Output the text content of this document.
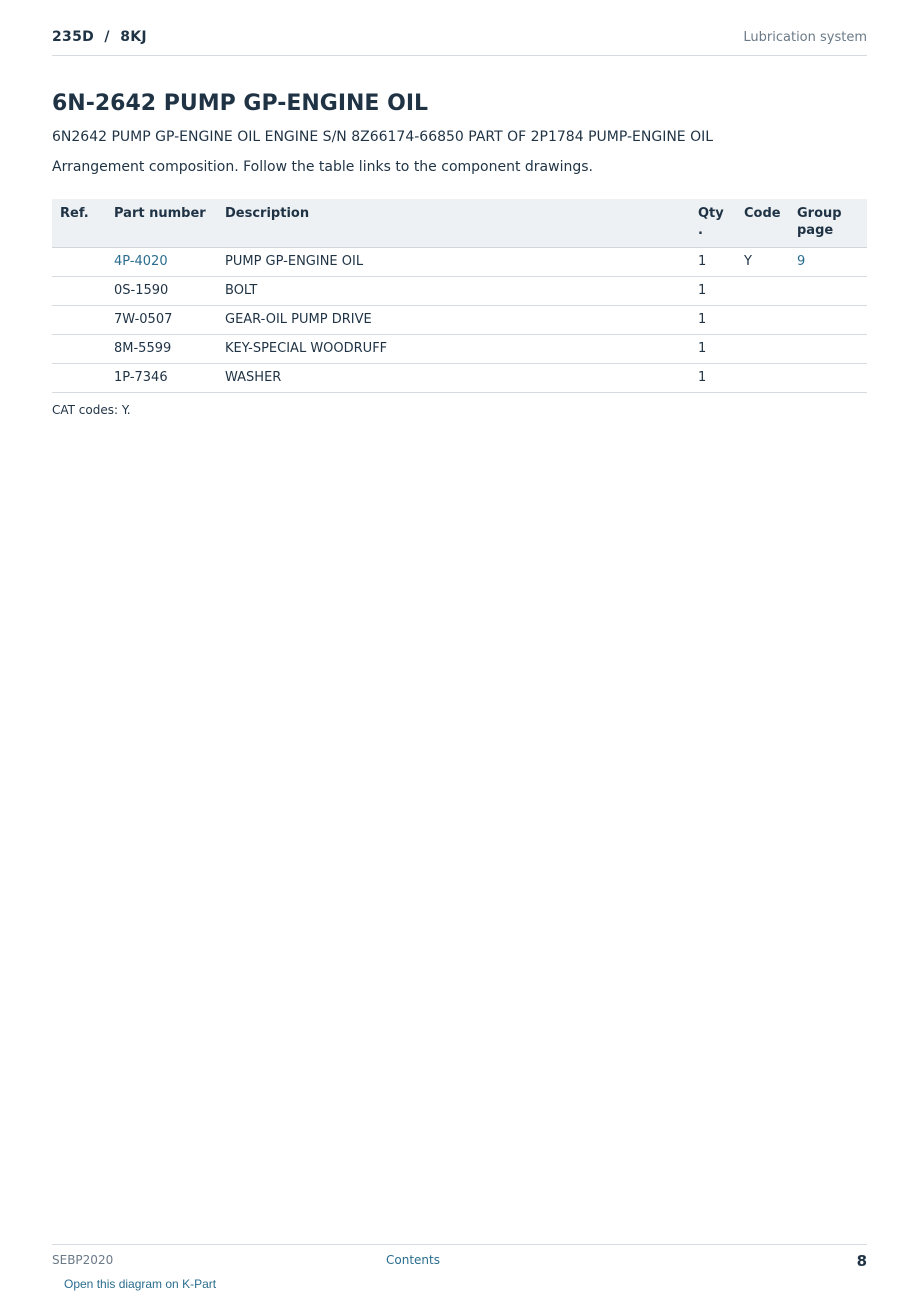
235D / 8KJ	Lubrication system
6N-2642 PUMP GP-ENGINE OIL
6N2642 PUMP GP-ENGINE OIL ENGINE S/N 8Z66174-66850 PART OF 2P1784 PUMP-ENGINE OIL
Arrangement composition. Follow the table links to the component drawings.
Ref.	Part number	Description	Qty .	Code	Group page
	4P-4020	PUMP GP-ENGINE OIL	1	Y	9
	0S-1590	BOLT	1		
	7W-0507	GEAR-OIL PUMP DRIVE	1		
	8M-5599	KEY-SPECIAL WOODRUFF	1		
	1P-7346	WASHER	1		
CAT codes: Y.
SEBP2020	Contents	8
Open this diagram on K-Part
